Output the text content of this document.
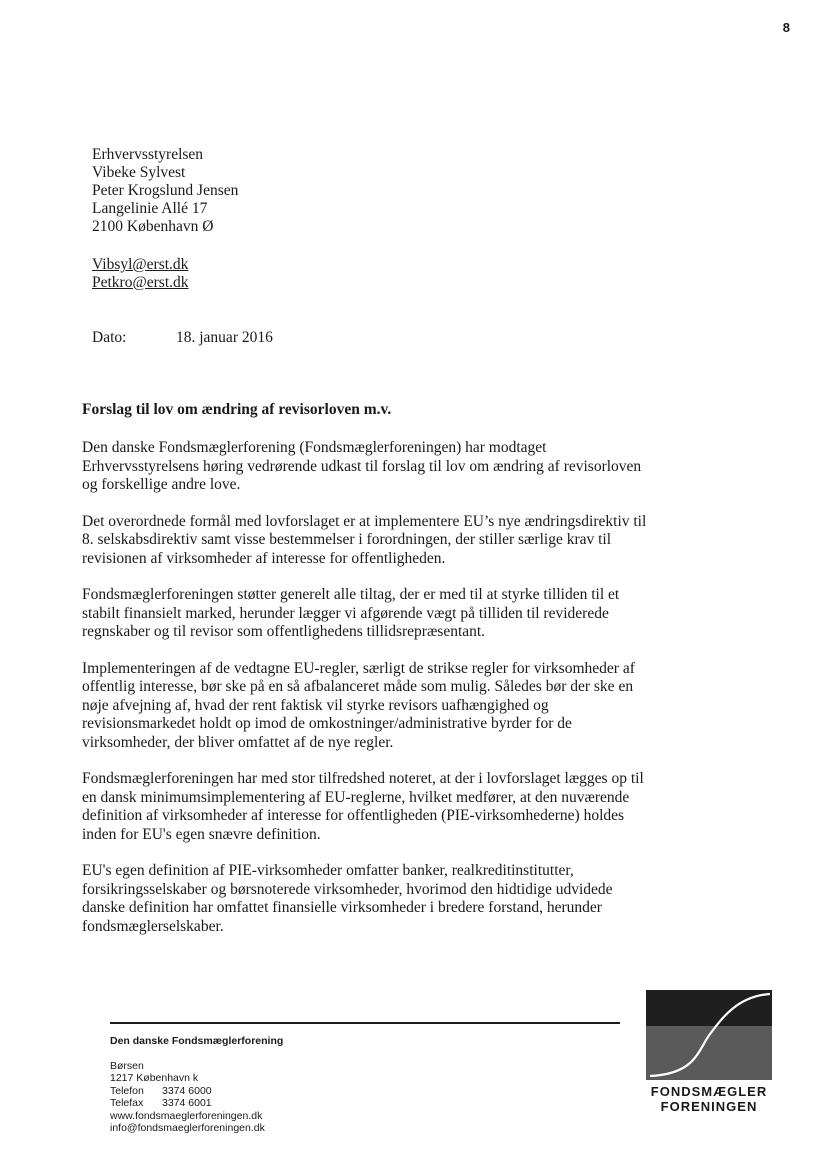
8
Erhvervsstyrelsen
Vibeke Sylvest
Peter Krogslund Jensen
Langelinie Allé 17
2100 København Ø
Vibsyl@erst.dk
Petkro@erst.dk
Dato:	18. januar 2016
Forslag til lov om ændring af revisorloven m.v.

Den danske Fondsmæglerforening (Fondsmæglerforeningen) har modtaget Erhvervsstyrelsens høring vedrørende udkast til forslag til lov om ændring af revisorloven og forskellige andre love.

Det overordnede formål med lovforslaget er at implementere EU’s nye ændringsdirektiv til 8. selskabsdirektiv samt visse bestemmelser i forordningen, der stiller særlige krav til revisionen af virksomheder af interesse for offentligheden.

Fondsmæglerforeningen støtter generelt alle tiltag, der er med til at styrke tilliden til et stabilt finansielt marked, herunder lægger vi afgørende vægt på tilliden til reviderede regnskaber og til revisor som offentlighedens tillidsrepræsentant.

Implementeringen af de vedtagne EU-regler, særligt de strikse regler for virksomheder af offentlig interesse, bør ske på en så afbalanceret måde som mulig. Således bør der ske en nøje afvejning af, hvad der rent faktisk vil styrke revisors uafhængighed og revisionsmarkedet holdt op imod de omkostninger/administrative byrder for de virksomheder, der bliver omfattet af de nye regler.

Fondsmæglerforeningen har med stor tilfredshed noteret, at der i lovforslaget lægges op til en dansk minimumsimplementering af EU-reglerne, hvilket medfører, at den nuværende definition af virksomheder af interesse for offentligheden (PIE-virksomhederne) holdes inden for EU's egen snævre definition.

EU's egen definition af PIE-virksomheder omfatter banker, realkreditinstitutter, forsikringsselskaber og børsnoterede virksomheder, hvorimod den hidtidige udvidede danske definition har omfattet finansielle virksomheder i bredere forstand, herunder fondsmæglerselskaber.

Den danske Fondsmæglerforening
Børsen
1217 København k
Telefon 3374 6000
Telefax 3374 6001
www.fondsmaeglerforeningen.dk
info@fondsmaeglerforeningen.dk
FONDSMÆGLER
FORENINGEN
